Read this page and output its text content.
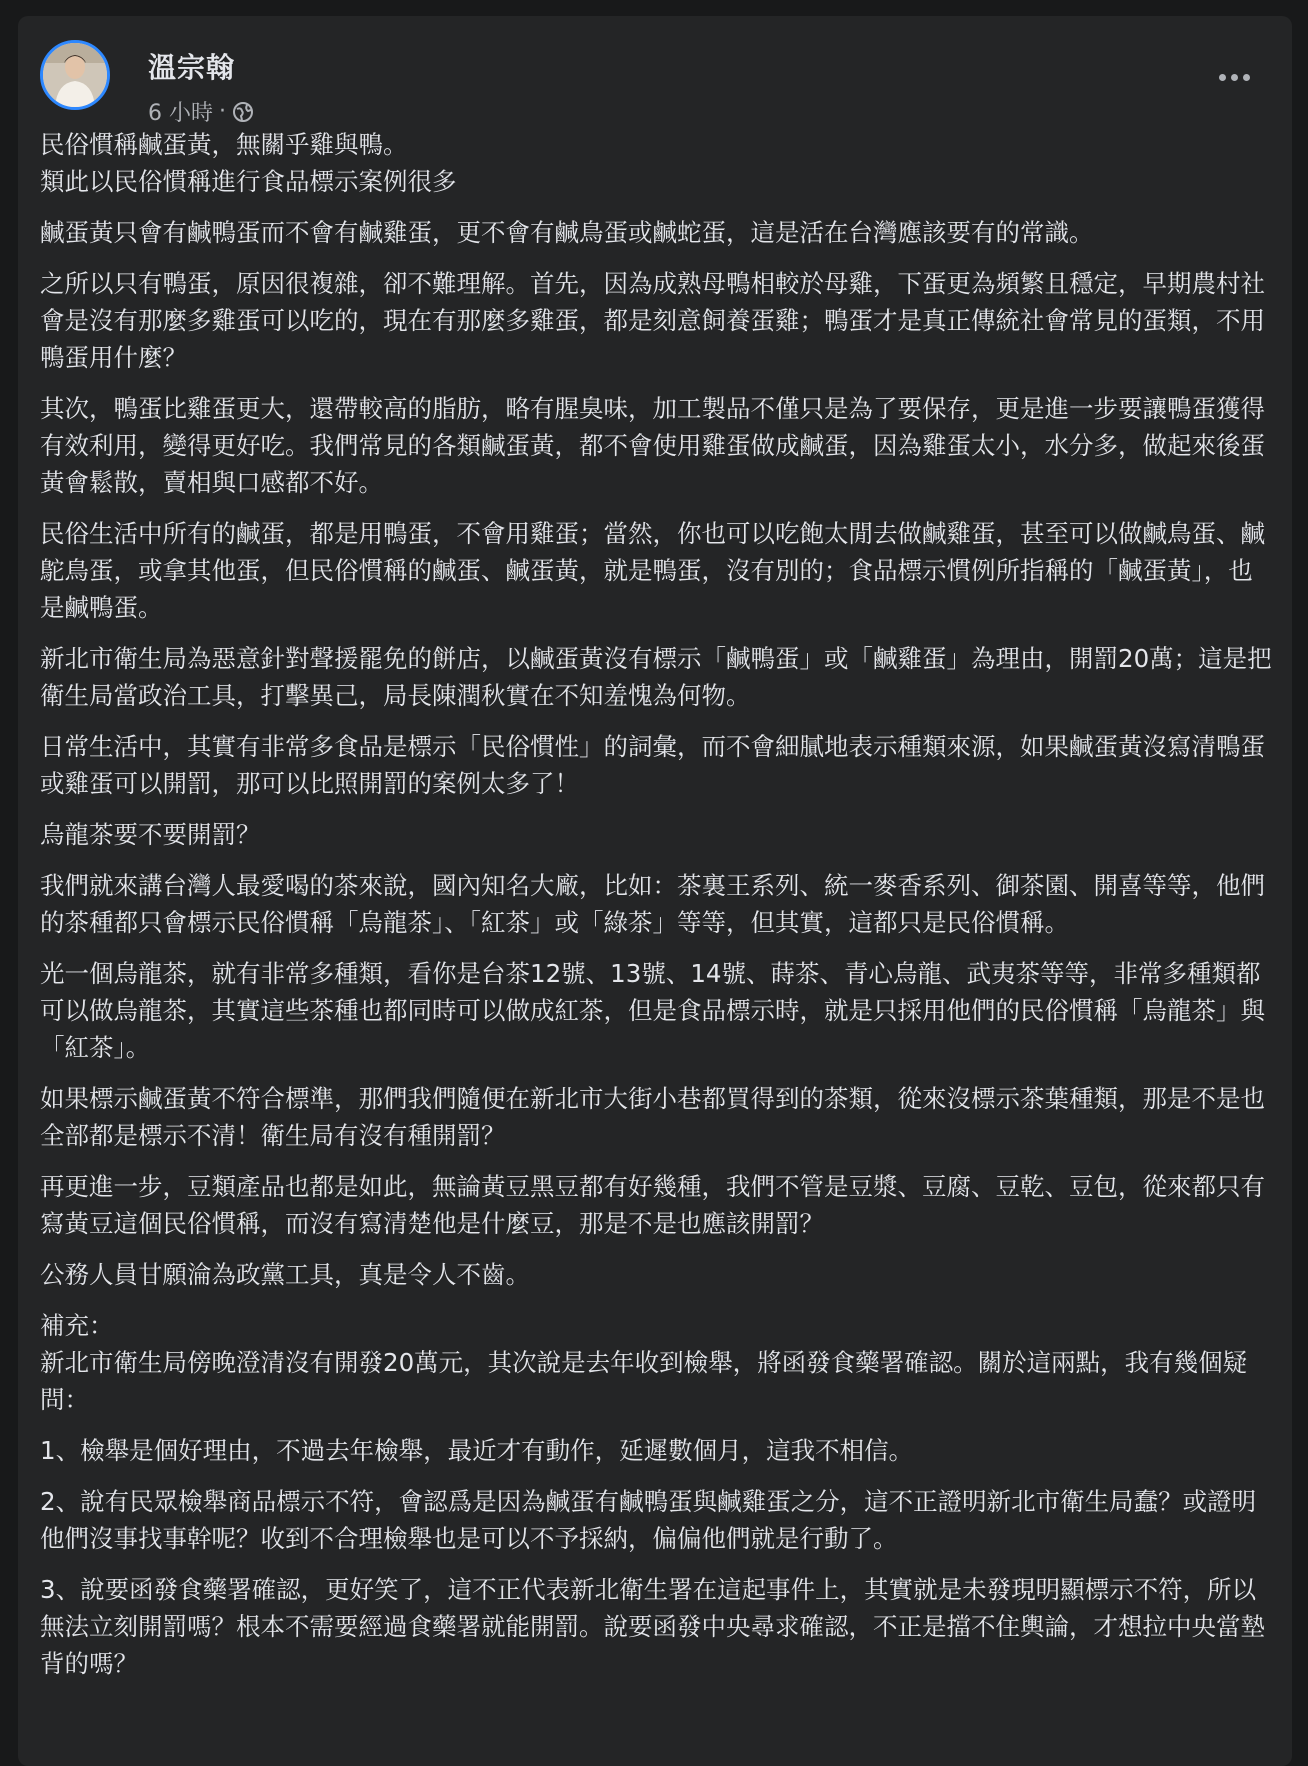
溫宗翰
6 小時 ·

民俗慣稱鹹蛋黃，無關乎雞與鴨。
類此以民俗慣稱進行食品標示案例很多

鹹蛋黃只會有鹹鴨蛋而不會有鹹雞蛋，更不會有鹹鳥蛋或鹹蛇蛋，這是活在台灣應該要有的常識。

之所以只有鴨蛋，原因很複雜，卻不難理解。首先，因為成熟母鴨相較於母雞，下蛋更為頻繁且穩定，早期農村社會是沒有那麼多雞蛋可以吃的，現在有那麼多雞蛋，都是刻意飼養蛋雞；鴨蛋才是真正傳統社會常見的蛋類，不用鴨蛋用什麼？

其次，鴨蛋比雞蛋更大，還帶較高的脂肪，略有腥臭味，加工製品不僅只是為了要保存，更是進一步要讓鴨蛋獲得有效利用，變得更好吃。我們常見的各類鹹蛋黃，都不會使用雞蛋做成鹹蛋，因為雞蛋太小，水分多，做起來後蛋黃會鬆散，賣相與口感都不好。

民俗生活中所有的鹹蛋，都是用鴨蛋，不會用雞蛋；當然，你也可以吃飽太閒去做鹹雞蛋，甚至可以做鹹鳥蛋、鹹鴕鳥蛋，或拿其他蛋，但民俗慣稱的鹹蛋、鹹蛋黃，就是鴨蛋，沒有別的；食品標示慣例所指稱的「鹹蛋黃」，也是鹹鴨蛋。

新北市衛生局為惡意針對聲援罷免的餅店，以鹹蛋黃沒有標示「鹹鴨蛋」或「鹹雞蛋」為理由，開罰20萬；這是把衛生局當政治工具，打擊異己，局長陳潤秋實在不知羞愧為何物。

日常生活中，其實有非常多食品是標示「民俗慣性」的詞彙，而不會細膩地表示種類來源，如果鹹蛋黃沒寫清鴨蛋或雞蛋可以開罰，那可以比照開罰的案例太多了！

烏龍茶要不要開罰？

我們就來講台灣人最愛喝的茶來說，國內知名大廠，比如：茶裏王系列、統一麥香系列、御茶園、開喜等等，他們的茶種都只會標示民俗慣稱「烏龍茶」、「紅茶」或「綠茶」等等，但其實，這都只是民俗慣稱。

光一個烏龍茶，就有非常多種類，看你是台茶12號、13號、14號、蒔茶、青心烏龍、武夷茶等等，非常多種類都可以做烏龍茶，其實這些茶種也都同時可以做成紅茶，但是食品標示時，就是只採用他們的民俗慣稱「烏龍茶」與「紅茶」。

如果標示鹹蛋黃不符合標準，那們我們隨便在新北市大街小巷都買得到的茶類，從來沒標示茶葉種類，那是不是也全部都是標示不清！衛生局有沒有種開罰？

再更進一步，豆類產品也都是如此，無論黃豆黑豆都有好幾種，我們不管是豆漿、豆腐、豆乾、豆包，從來都只有寫黃豆這個民俗慣稱，而沒有寫清楚他是什麼豆，那是不是也應該開罰？

公務人員甘願淪為政黨工具，真是令人不齒。

補充：
新北市衛生局傍晚澄清沒有開發20萬元，其次說是去年收到檢舉，將函發食藥署確認。關於這兩點，我有幾個疑問：

1、檢舉是個好理由，不過去年檢舉，最近才有動作，延遲數個月，這我不相信。

2、說有民眾檢舉商品標示不符，會認爲是因為鹹蛋有鹹鴨蛋與鹹雞蛋之分，這不正證明新北市衛生局蠢？或證明他們沒事找事幹呢？收到不合理檢舉也是可以不予採納，偏偏他們就是行動了。

3、說要函發食藥署確認，更好笑了，這不正代表新北衛生署在這起事件上，其實就是未發現明顯標示不符，所以無法立刻開罰嗎？根本不需要經過食藥署就能開罰。說要函發中央尋求確認，不正是擋不住輿論，才想拉中央當墊背的嗎？
